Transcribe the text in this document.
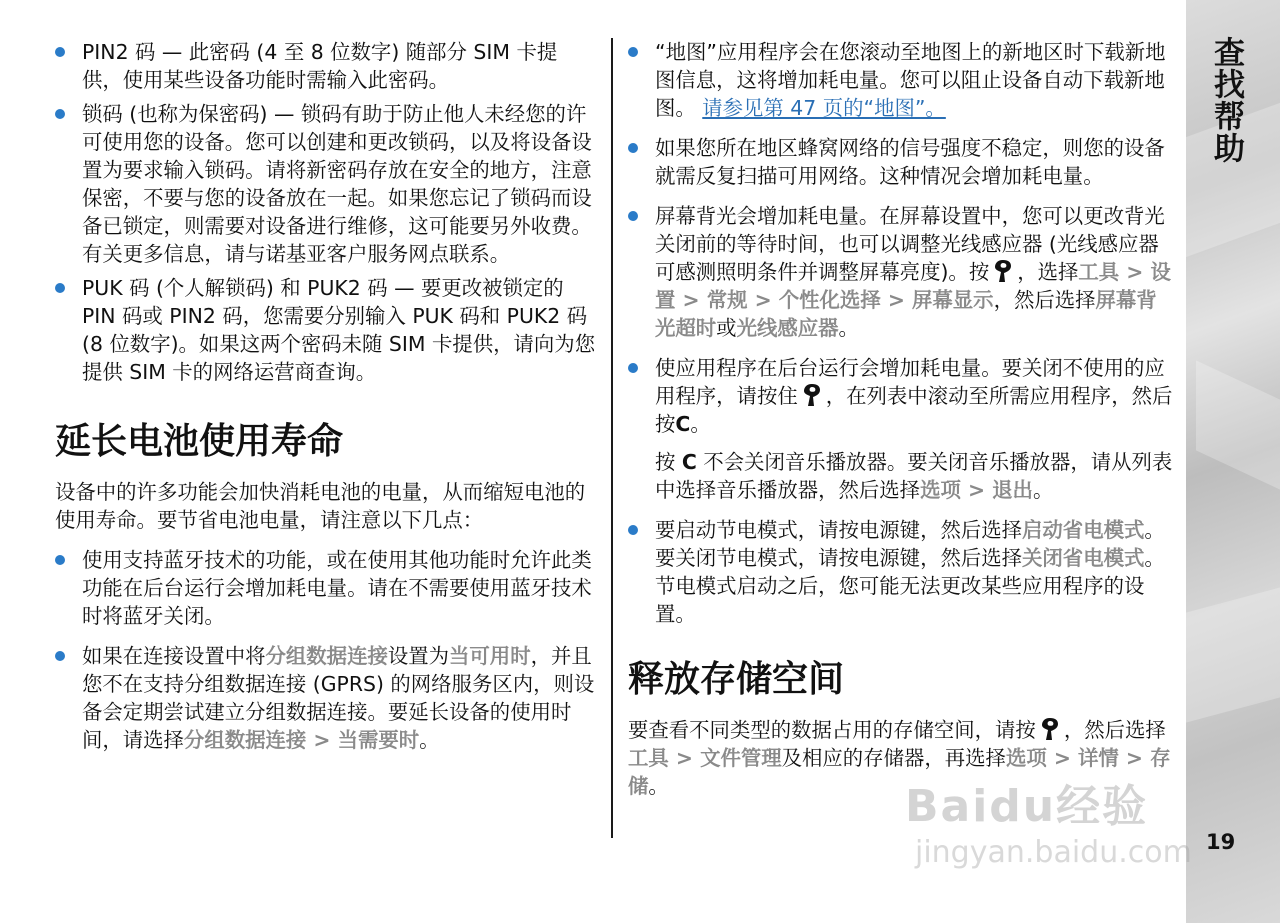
查找帮助
19

PIN2 码 — 此密码 (4 至 8 位数字) 随部分 SIM 卡提供，使用某些设备功能时需输入此密码。

锁码 (也称为保密码) — 锁码有助于防止他人未经您的许可使用您的设备。您可以创建和更改锁码，以及将设备设置为要求输入锁码。请将新密码存放在安全的地方，注意保密，不要与您的设备放在一起。如果您忘记了锁码而设备已锁定，则需要对设备进行维修，这可能要另外收费。有关更多信息，请与诺基亚客户服务网点联系。

PUK 码 (个人解锁码) 和 PUK2 码 — 要更改被锁定的 PIN 码或 PIN2 码，您需要分别输入 PUK 码和 PUK2 码 (8 位数字)。如果这两个密码未随 SIM 卡提供，请向为您提供 SIM 卡的网络运营商查询。

延长电池使用寿命

设备中的许多功能会加快消耗电池的电量，从而缩短电池的使用寿命。要节省电池电量，请注意以下几点：

使用支持蓝牙技术的功能，或在使用其他功能时允许此类功能在后台运行会增加耗电量。请在不需要使用蓝牙技术时将蓝牙关闭。

如果在连接设置中将分组数据连接设置为当可用时，并且您不在支持分组数据连接 (GPRS) 的网络服务区内，则设备会定期尝试建立分组数据连接。要延长设备的使用时间，请选择分组数据连接 > 当需要时。

“地图”应用程序会在您滚动至地图上的新地区时下载新地图信息，这将增加耗电量。您可以阻止设备自动下载新地图。 请参见第 47 页的“地图”。

如果您所在地区蜂窝网络的信号强度不稳定，则您的设备就需反复扫描可用网络。这种情况会增加耗电量。

屏幕背光会增加耗电量。在屏幕设置中，您可以更改背光关闭前的等待时间，也可以调整光线感应器 (光线感应器可感测照明条件并调整屏幕亮度)。按 ，选择工具 > 设置 > 常规 > 个性化选择 > 屏幕显示，然后选择屏幕背光超时或光线感应器。

使应用程序在后台运行会增加耗电量。要关闭不使用的应用程序，请按住 ，在列表中滚动至所需应用程序，然后按C。

按 C 不会关闭音乐播放器。要关闭音乐播放器，请从列表中选择音乐播放器，然后选择选项 > 退出。

要启动节电模式，请按电源键，然后选择启动省电模式。要关闭节电模式，请按电源键，然后选择关闭省电模式。节电模式启动之后，您可能无法更改某些应用程序的设置。

释放存储空间

要查看不同类型的数据占用的存储空间，请按 ，然后选择工具 > 文件管理及相应的存储器，再选择选项 > 详情 > 存储。	Baidu经验
jingyan.baidu.com
